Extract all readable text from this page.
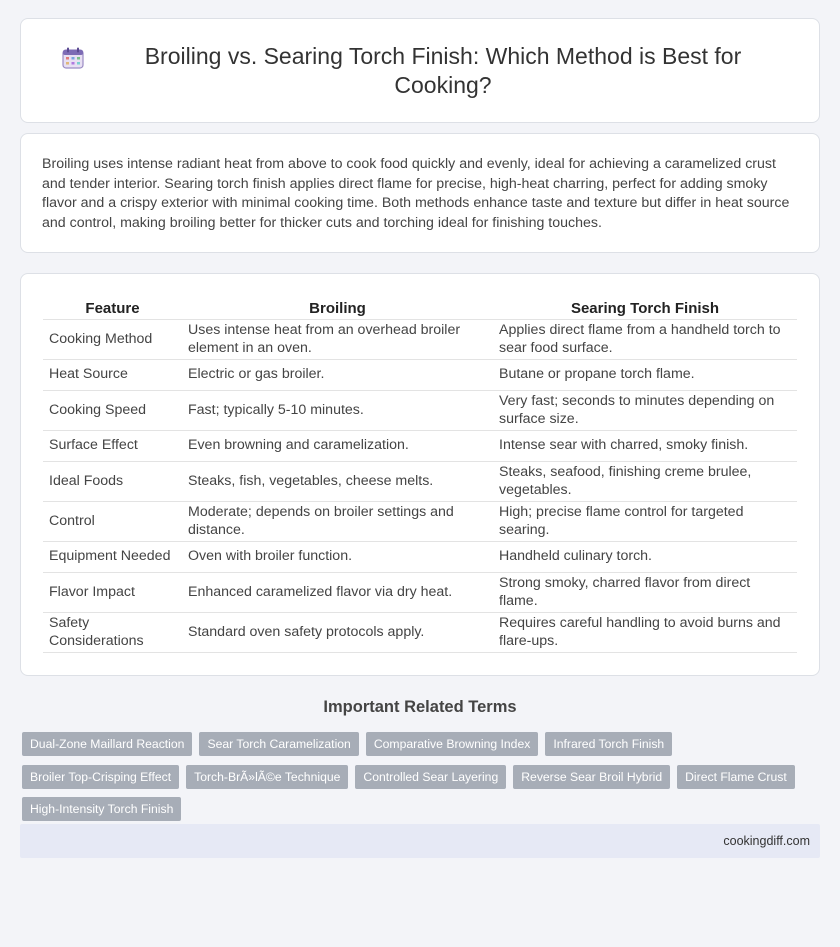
Broiling vs. Searing Torch Finish: Which Method is Best for Cooking?

Broiling uses intense radiant heat from above to cook food quickly and evenly, ideal for achieving a caramelized crust and tender interior. Searing torch finish applies direct flame for precise, high-heat charring, perfect for adding smoky flavor and a crispy exterior with minimal cooking time. Both methods enhance taste and texture but differ in heat source and control, making broiling better for thicker cuts and torching ideal for finishing touches.

Feature	Broiling	Searing Torch Finish
Cooking Method	Uses intense heat from an overhead broiler element in an oven.	Applies direct flame from a handheld torch to sear food surface.
Heat Source	Electric or gas broiler.	Butane or propane torch flame.
Cooking Speed	Fast; typically 5-10 minutes.	Very fast; seconds to minutes depending on surface size.
Surface Effect	Even browning and caramelization.	Intense sear with charred, smoky finish.
Ideal Foods	Steaks, fish, vegetables, cheese melts.	Steaks, seafood, finishing creme brulee, vegetables.
Control	Moderate; depends on broiler settings and distance.	High; precise flame control for targeted searing.
Equipment Needed	Oven with broiler function.	Handheld culinary torch.
Flavor Impact	Enhanced caramelized flavor via dry heat.	Strong smoky, charred flavor from direct flame.
Safety Considerations	Standard oven safety protocols apply.	Requires careful handling to avoid burns and flare-ups.
Important Related Terms
Dual-Zone Maillard Reaction	Sear Torch Caramelization	Comparative Browning Index	Infrared Torch Finish
Broiler Top-Crisping Effect	Torch-BrÃ»lÃ©e Technique	Controlled Sear Layering	Reverse Sear Broil Hybrid	Direct Flame Crust
High-Intensity Torch Finish
cookingdiff.com
